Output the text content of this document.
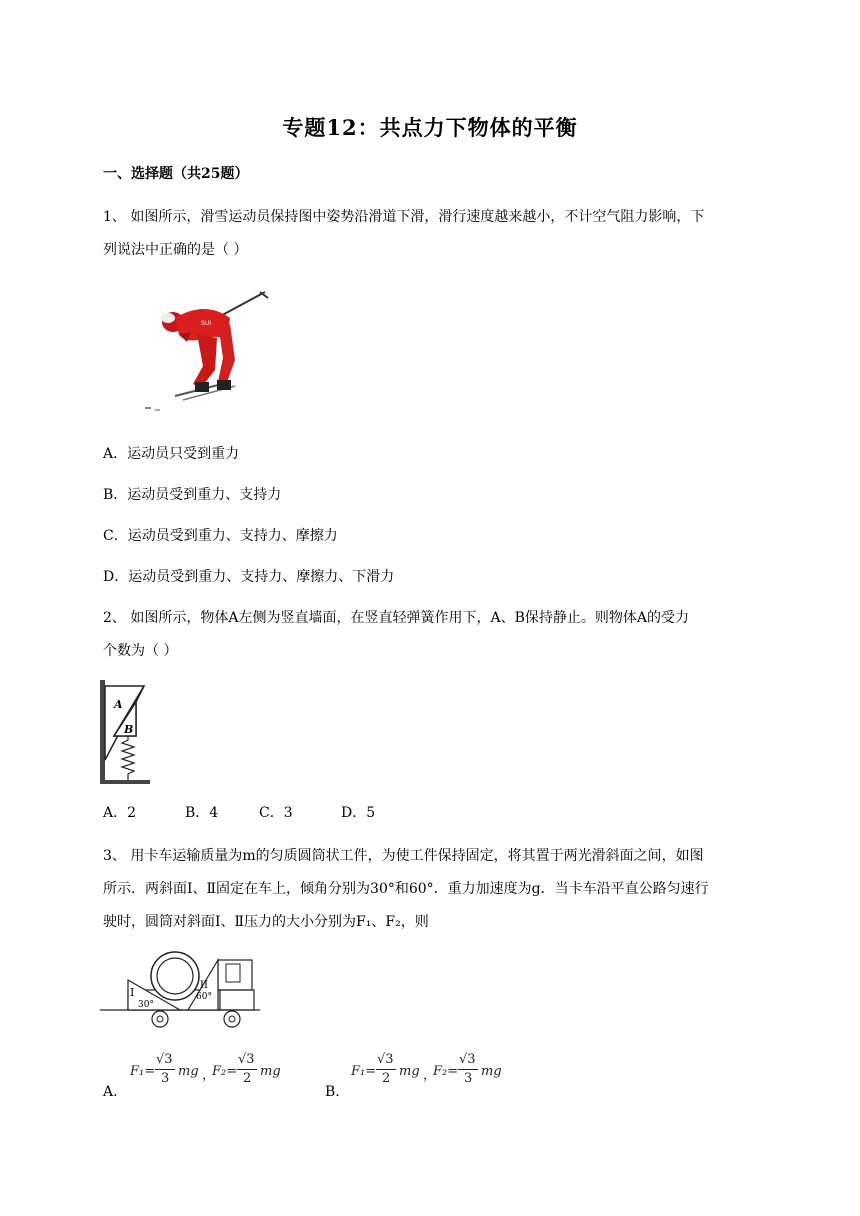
专题12：共点力下物体的平衡
一、选择题（共25题）
1、 如图所示，滑雪运动员保持图中姿势沿滑道下滑，滑行速度越来越小，不计空气阻力影响，下
列说法中正确的是（ ）
SUI
A．运动员只受到重力
B．运动员受到重力、支持力
C．运动员受到重力、支持力、摩擦力
D．运动员受到重力、支持力、摩擦力、下滑力
2、 如图所示，物体A左侧为竖直墙面，在竖直轻弹簧作用下，A、B保持静止。则物体A的受力
个数为（ ）
A
B
A．2	B．4	C．3	D．5
3、 用卡车运输质量为m的匀质圆筒状工件，为使工件保持固定，将其置于两光滑斜面之间，如图
所示．两斜面Ⅰ、Ⅱ固定在车上，倾角分别为30°和60°．重力加速度为g．当卡车沿平直公路匀速行
驶时，圆筒对斜面Ⅰ、Ⅱ压力的大小分别为F₁、F₂，则
I
30°
II
60°
A.	B.
F₁=
√3
3 mg ，
F₂=
√3
2 mg	F₁=
√3
2 mg ，
F₂=
√3
3 mg
